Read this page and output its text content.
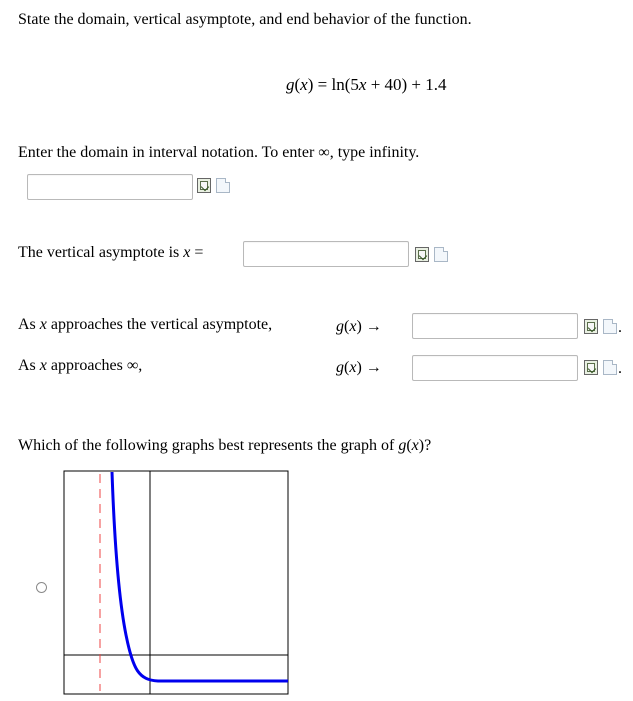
State the domain, vertical asymptote, and end behavior of the function.
g(x) = ln(5x + 40) + 1.4
Enter the domain in interval notation. To enter ∞, type infinity.
The vertical asymptote is x =
As x approaches the vertical asymptote,	g(x) →	.
As x approaches ∞,	g(x) →	.
Which of the following graphs best represents the graph of g(x)?
